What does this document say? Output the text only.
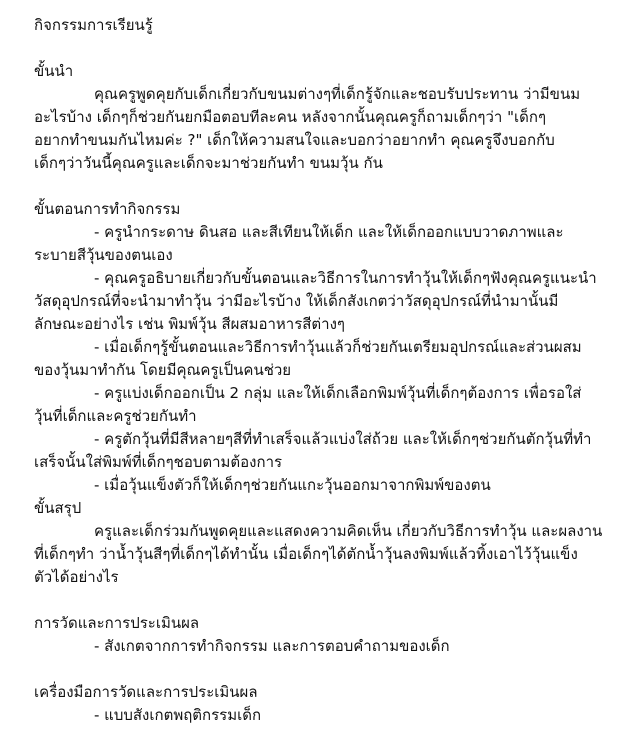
กิจกรรมการเรียนรู้
ขั้นนำ
คุณครูพูดคุยกับเด็กเกี่ยวกับขนมต่างๆที่เด็กรู้จักและชอบรับประทาน ว่ามีขนม
อะไรบ้าง เด็กๆก็ช่วยกันยกมือตอบทีละคน หลังจากนั้นคุณครูก็ถามเด็กๆว่า "เด็กๆ
อยากทำขนมกันไหมค่ะ ?" เด็กให้ความสนใจและบอกว่าอยากทำ คุณครูจึงบอกกับ
เด็กๆว่าวันนี้คุณครูและเด็กจะมาช่วยกันทำ ขนมวุ้น กัน
ขั้นตอนการทำกิจกรรม
- ครูนำกระดาษ ดินสอ และสีเทียนให้เด็ก และให้เด็กออกแบบวาดภาพและ
ระบายสีวุ้นของตนเอง
- คุณครูอธิบายเกี่ยวกับขั้นตอนและวิธีการในการทำวุ้นให้เด็กๆฟังคุณครูแนะนำ
วัสดุอุปกรณ์ที่จะนำมาทำวุ้น ว่ามีอะไรบ้าง ให้เด็กสังเกตว่าวัสดุอุปกรณ์ที่นำมานั้นมี
ลักษณะอย่างไร เช่น พิมพ์วุ้น สีผสมอาหารสีต่างๆ
- เมื่อเด็กๆรู้ขั้นตอนและวิธีการทำวุ้นแล้วก็ช่วยกันเตรียมอุปกรณ์และส่วนผสม
ของวุ้นมาทำกัน โดยมีคุณครูเป็นคนช่วย
- ครูแบ่งเด็กออกเป็น 2 กลุ่ม และให้เด็กเลือกพิมพ์วุ้นที่เด็กๆต้องการ เพื่อรอใส่
วุ้นที่เด็กและครูช่วยกันทำ
- ครูตักวุ้นที่มีสีหลายๆสีที่ทำเสร็จแล้วแบ่งใส่ถ้วย และให้เด็กๆช่วยกันตักวุ้นที่ทำ
เสร็จนั้นใส่พิมพ์ที่เด็กๆชอบตามต้องการ
- เมื่อวุ้นแข็งตัวก็ให้เด็กๆช่วยกันแกะวุ้นออกมาจากพิมพ์ของตน
ขั้นสรุป
ครูและเด็กร่วมกันพูดคุยและแสดงความคิดเห็น เกี่ยวกับวิธีการทำวุ้น และผลงาน
ที่เด็กๆทำ ว่าน้ำวุ้นสีๆที่เด็กๆได้ทำนั้น เมื่อเด็กๆได้ตักน้ำวุ้นลงพิมพ์แล้วทิ้งเอาไว้วุ้นแข็ง
ตัวได้อย่างไร
การวัดและการประเมินผล
- สังเกตจากการทำกิจกรรม และการตอบคำถามของเด็ก
เครื่องมือการวัดและการประเมินผล
- แบบสังเกตพฤติกรรมเด็ก
